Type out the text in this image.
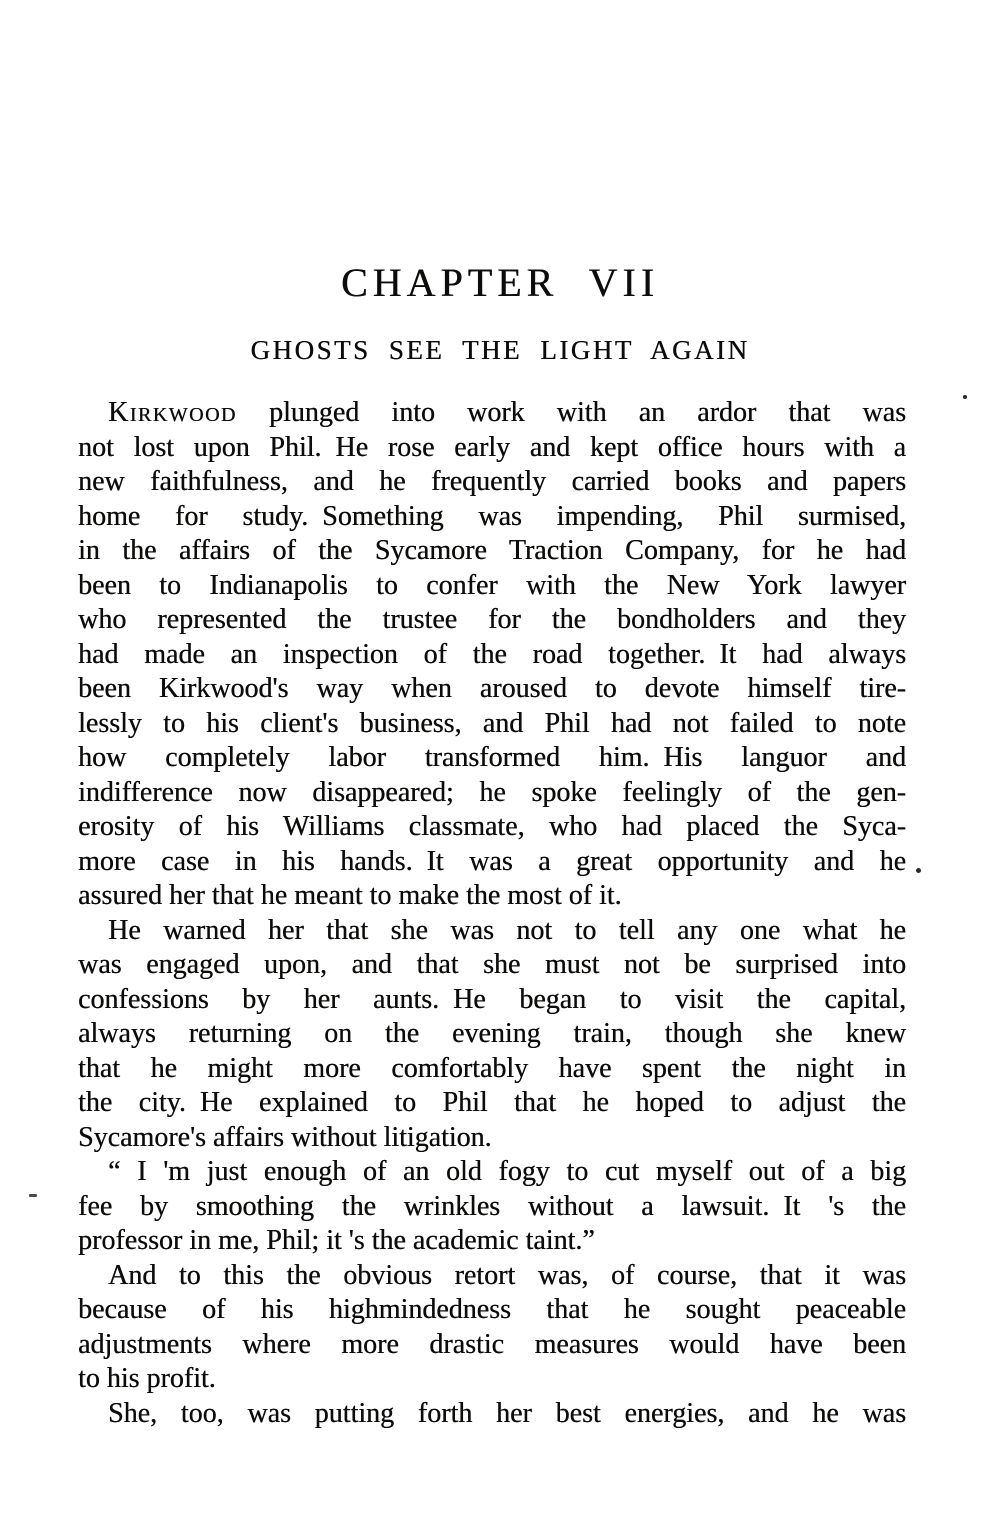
CHAPTER VII
GHOSTS SEE THE LIGHT AGAIN
Kirkwood plunged into work with an ardor that was
not lost upon Phil. He rose early and kept office hours with a
new faithfulness, and he frequently carried books and papers
home for study. Something was impending, Phil surmised,
in the affairs of the Sycamore Traction Company, for he had
been to Indianapolis to confer with the New York lawyer
who represented the trustee for the bondholders and they
had made an inspection of the road together. It had always
been Kirkwood's way when aroused to devote himself tire-
lessly to his client's business, and Phil had not failed to note
how completely labor transformed him. His languor and
indifference now disappeared; he spoke feelingly of the gen-
erosity of his Williams classmate, who had placed the Syca-
more case in his hands. It was a great opportunity and he
assured her that he meant to make the most of it.
He warned her that she was not to tell any one what he
was engaged upon, and that she must not be surprised into
confessions by her aunts. He began to visit the capital,
always returning on the evening train, though she knew
that he might more comfortably have spent the night in
the city. He explained to Phil that he hoped to adjust the
Sycamore's affairs without litigation.
“ I 'm just enough of an old fogy to cut myself out of a big
fee by smoothing the wrinkles without a lawsuit. It 's the
professor in me, Phil; it 's the academic taint.”
And to this the obvious retort was, of course, that it was
because of his highmindedness that he sought peaceable
adjustments where more drastic measures would have been
to his profit.
She, too, was putting forth her best energies, and he was
